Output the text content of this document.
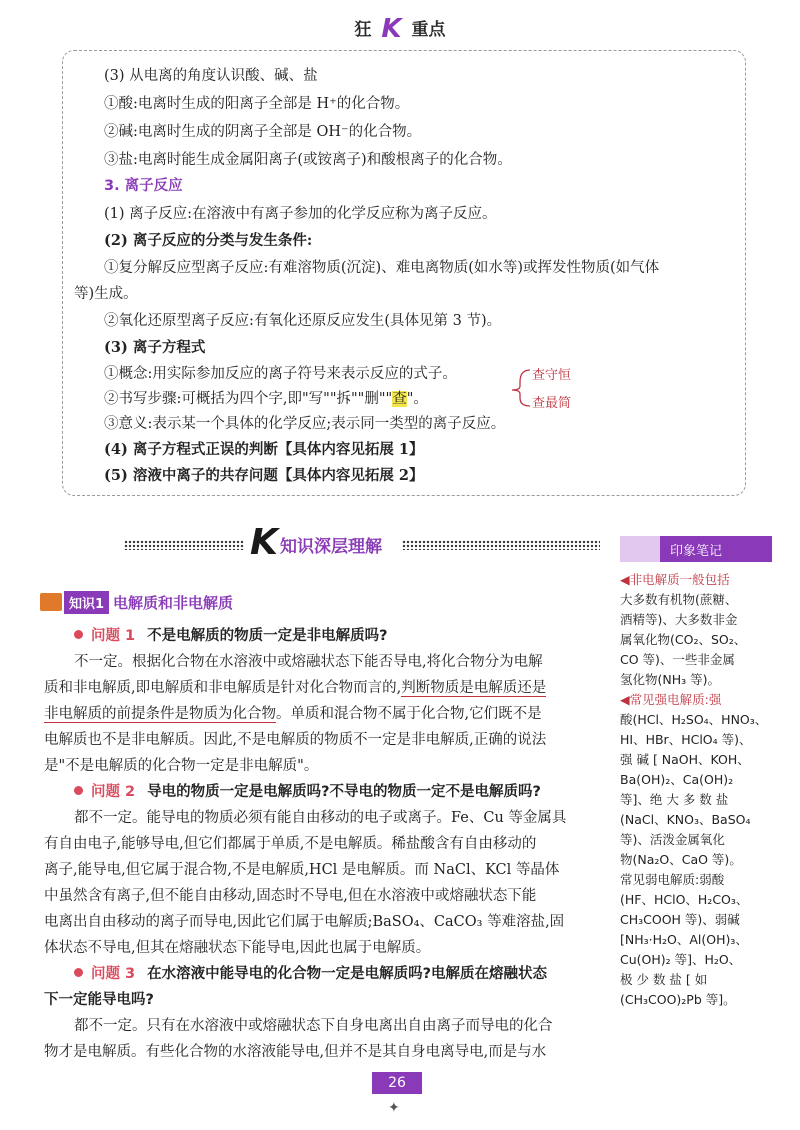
狂 K 重点
(3) 从电离的角度认识酸、碱、盐
①酸:电离时生成的阳离子全部是 H⁺的化合物。
②碱:电离时生成的阴离子全部是 OH⁻的化合物。
③盐:电离时能生成金属阳离子(或铵离子)和酸根离子的化合物。
3. 离子反应
(1) 离子反应:在溶液中有离子参加的化学反应称为离子反应。
(2) 离子反应的分类与发生条件:
①复分解反应型离子反应:有难溶物质(沉淀)、难电离物质(如水等)或挥发性物质(如气体
等)生成。
②氧化还原型离子反应:有氧化还原反应发生(具体见第 3 节)。
(3) 离子方程式
①概念:用实际参加反应的离子符号来表示反应的式子。
②书写步骤:可概括为四个字,即"写""拆""删""查"。
查守恒
查最简
③意义:表示某一个具体的化学反应;表示同一类型的离子反应。
(4) 离子方程式正误的判断【具体内容见拓展 1】
(5) 溶液中离子的共存问题【具体内容见拓展 2】
K 知识深层理解	印象笔记
知识1 电解质和非电解质
问题 1 不是电解质的物质一定是非电解质吗?
不一定。根据化合物在水溶液中或熔融状态下能否导电,将化合物分为电解
质和非电解质,即电解质和非电解质是针对化合物而言的,判断物质是电解质还是
非电解质的前提条件是物质为化合物。单质和混合物不属于化合物,它们既不是
电解质也不是非电解质。因此,不是电解质的物质不一定是非电解质,正确的说法
是"不是电解质的化合物一定是非电解质"。
问题 2 导电的物质一定是电解质吗?不导电的物质一定不是电解质吗?
都不一定。能导电的物质必须有能自由移动的电子或离子。Fe、Cu 等金属具
有自由电子,能够导电,但它们都属于单质,不是电解质。稀盐酸含有自由移动的
离子,能导电,但它属于混合物,不是电解质,HCl 是电解质。而 NaCl、KCl 等晶体
中虽然含有离子,但不能自由移动,固态时不导电,但在水溶液中或熔融状态下能
电离出自由移动的离子而导电,因此它们属于电解质;BaSO₄、CaCO₃ 等难溶盐,固
体状态不导电,但其在熔融状态下能导电,因此也属于电解质。
问题 3 在水溶液中能导电的化合物一定是电解质吗?电解质在熔融状态
下一定能导电吗?
都不一定。只有在水溶液中或熔融状态下自身电离出自由离子而导电的化合
物才是电解质。有些化合物的水溶液能导电,但并不是其自身电离导电,而是与水
◀非电解质一般包括
大多数有机物(蔗糖、
酒精等)、大多数非金
属氧化物(CO₂、SO₂、
CO 等)、一些非金属
氢化物(NH₃ 等)。
◀常见强电解质:强
酸(HCl、H₂SO₄、HNO₃、
HI、HBr、HClO₄ 等)、
强 碱 [ NaOH、KOH、
Ba(OH)₂、Ca(OH)₂
等]、绝 大 多 数 盐
(NaCl、KNO₃、BaSO₄
等)、活泼金属氧化
物(Na₂O、CaO 等)。
常见弱电解质:弱酸
(HF、HClO、H₂CO₃、
CH₃COOH 等)、弱碱
[NH₃·H₂O、Al(OH)₃、
Cu(OH)₂ 等]、H₂O、
极 少 数 盐 [ 如
(CH₃COO)₂Pb 等]。
26
✦
